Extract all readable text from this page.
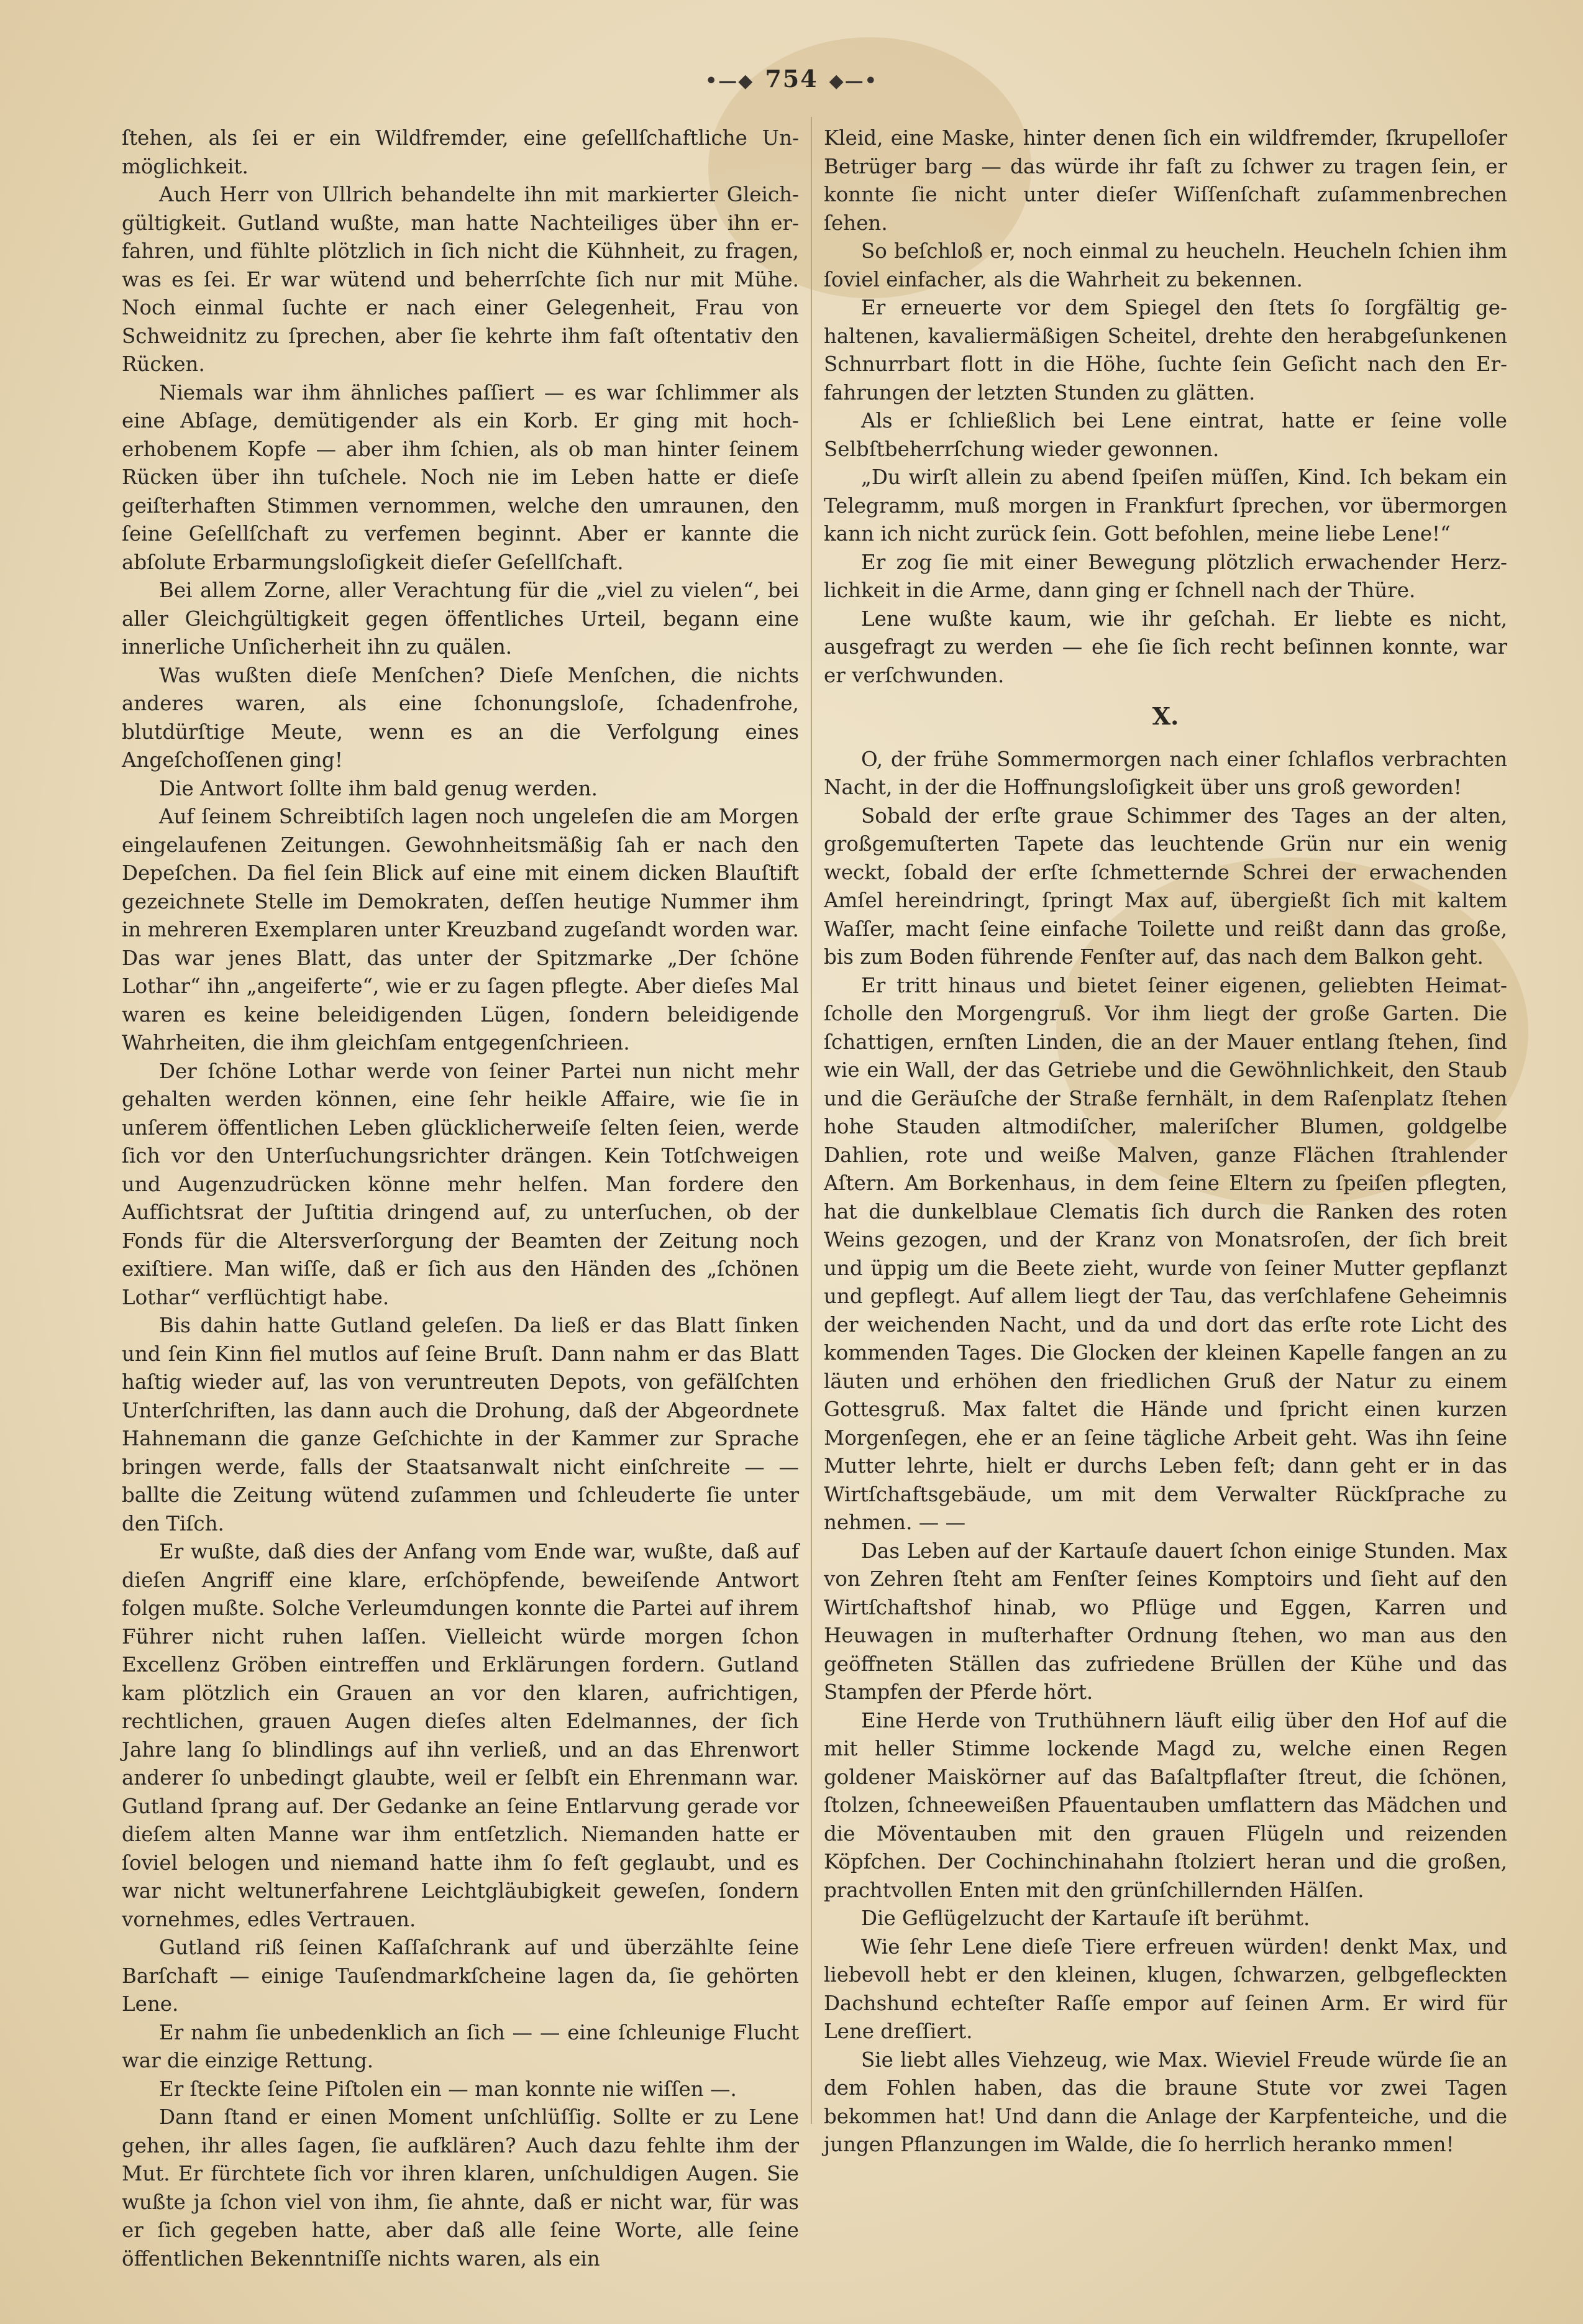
•—◆ 754 ◆—•

ſtehen, als ſei er ein Wildfremder, eine geſellſchaftliche Unmöglichkeit.

Auch Herr von Ullrich behandelte ihn mit markierter Gleichgültigkeit. Gutland wußte, man hatte Nachteiliges über ihn erfahren, und fühlte plötzlich in ſich nicht die Kühnheit, zu fragen, was es ſei. Er war wütend und beherrſchte ſich nur mit Mühe. Noch einmal ſuchte er nach einer Gelegenheit, Frau von Schweidnitz zu ſprechen, aber ſie kehrte ihm faſt oſtentativ den Rücken.

Niemals war ihm ähnliches paſſiert — es war ſchlimmer als eine Abſage, demütigender als ein Korb. Er ging mit hocherhobenem Kopfe — aber ihm ſchien, als ob man hinter ſeinem Rücken über ihn tuſchele. Noch nie im Leben hatte er dieſe geiſterhaften Stimmen vernommen, welche den umraunen, den ſeine Geſellſchaft zu verfemen beginnt. Aber er kannte die abſolute Erbarmungsloſigkeit dieſer Geſellſchaft.

Bei allem Zorne, aller Verachtung für die „viel zu vielen“, bei aller Gleichgültigkeit gegen öffentliches Urteil, begann eine innerliche Unſicherheit ihn zu quälen.

Was wußten dieſe Menſchen? Dieſe Menſchen, die nichts anderes waren, als eine ſchonungsloſe, ſchadenfrohe, blutdürſtige Meute, wenn es an die Verfolgung eines Angeſchoſſenen ging!

Die Antwort ſollte ihm bald genug werden.

Auf ſeinem Schreibtiſch lagen noch ungeleſen die am Morgen eingelaufenen Zeitungen. Gewohnheitsmäßig ſah er nach den Depeſchen. Da fiel ſein Blick auf eine mit einem dicken Blauſtift gezeichnete Stelle im Demokraten, deſſen heutige Nummer ihm in mehreren Exemplaren unter Kreuzband zugeſandt worden war. Das war jenes Blatt, das unter der Spitzmarke „Der ſchöne Lothar“ ihn „angeiferte“, wie er zu ſagen pflegte. Aber dieſes Mal waren es keine beleidigenden Lügen, ſondern beleidigende Wahrheiten, die ihm gleichſam entgegenſchrieen.

Der ſchöne Lothar werde von ſeiner Partei nun nicht mehr gehalten werden können, eine ſehr heikle Affaire, wie ſie in unſerem öffentlichen Leben glücklicherweiſe ſelten ſeien, werde ſich vor den Unterſuchungsrichter drängen. Kein Totſchweigen und Augenzudrücken könne mehr helfen. Man fordere den Aufſichtsrat der Juſtitia dringend auf, zu unterſuchen, ob der Fonds für die Altersverſorgung der Beamten der Zeitung noch exiſtiere. Man wiſſe, daß er ſich aus den Händen des „ſchönen Lothar“ verflüchtigt habe.

Bis dahin hatte Gutland geleſen. Da ließ er das Blatt ſinken und ſein Kinn fiel mutlos auf ſeine Bruſt. Dann nahm er das Blatt haſtig wieder auf, las von veruntreuten Depots, von gefälſchten Unterſchriften, las dann auch die Drohung, daß der Abgeordnete Hahnemann die ganze Geſchichte in der Kammer zur Sprache bringen werde, falls der Staatsanwalt nicht einſchreite — — ballte die Zeitung wütend zuſammen und ſchleuderte ſie unter den Tiſch.

Er wußte, daß dies der Anfang vom Ende war, wußte, daß auf dieſen Angriff eine klare, erſchöpfende, beweiſende Antwort folgen mußte. Solche Verleumdungen konnte die Partei auf ihrem Führer nicht ruhen laſſen. Vielleicht würde morgen ſchon Excellenz Gröben eintreffen und Erklärungen fordern. Gutland kam plötzlich ein Grauen an vor den klaren, aufrichtigen, rechtlichen, grauen Augen dieſes alten Edelmannes, der ſich Jahre lang ſo blindlings auf ihn verließ, und an das Ehrenwort anderer ſo unbedingt glaubte, weil er ſelbſt ein Ehrenmann war. Gutland ſprang auf. Der Gedanke an ſeine Entlarvung gerade vor dieſem alten Manne war ihm entſetzlich. Niemanden hatte er ſoviel belogen und niemand hatte ihm ſo feſt geglaubt, und es war nicht weltunerfahrene Leichtgläubigkeit geweſen, ſondern vornehmes, edles Vertrauen.

Gutland riß ſeinen Kaſſaſchrank auf und überzählte ſeine Barſchaft — einige Tauſendmarkſcheine lagen da, ſie gehörten Lene.

Er nahm ſie unbedenklich an ſich — — eine ſchleunige Flucht war die einzige Rettung.

Er ſteckte ſeine Piſtolen ein — man konnte nie wiſſen —.

Dann ſtand er einen Moment unſchlüſſig. Sollte er zu Lene gehen, ihr alles ſagen, ſie aufklären? Auch dazu fehlte ihm der Mut. Er fürchtete ſich vor ihren klaren, unſchuldigen Augen. Sie wußte ja ſchon viel von ihm, ſie ahnte, daß er nicht war, für was er ſich gegeben hatte, aber daß alle ſeine Worte, alle ſeine öffentlichen Bekenntniſſe nichts waren, als ein

Kleid, eine Maske, hinter denen ſich ein wildfremder, ſkrupelloſer Betrüger barg — das würde ihr faſt zu ſchwer zu tragen ſein, er konnte ſie nicht unter dieſer Wiſſenſchaft zuſammenbrechen ſehen.

So beſchloß er, noch einmal zu heucheln. Heucheln ſchien ihm ſoviel einfacher, als die Wahrheit zu bekennen.

Er erneuerte vor dem Spiegel den ſtets ſo ſorgfältig gehaltenen, kavaliermäßigen Scheitel, drehte den herabgeſunkenen Schnurrbart flott in die Höhe, ſuchte ſein Geſicht nach den Erfahrungen der letzten Stunden zu glätten.

Als er ſchließlich bei Lene eintrat, hatte er ſeine volle Selbſtbeherrſchung wieder gewonnen.

„Du wirſt allein zu abend ſpeiſen müſſen, Kind. Ich bekam ein Telegramm, muß morgen in Frankfurt ſprechen, vor übermorgen kann ich nicht zurück ſein. Gott befohlen, meine liebe Lene!“

Er zog ſie mit einer Bewegung plötzlich erwachender Herzlichkeit in die Arme, dann ging er ſchnell nach der Thüre.

Lene wußte kaum, wie ihr geſchah. Er liebte es nicht, ausgefragt zu werden — ehe ſie ſich recht beſinnen konnte, war er verſchwunden.

X.

O, der frühe Sommermorgen nach einer ſchlaflos verbrachten Nacht, in der die Hoffnungsloſigkeit über uns groß geworden!

Sobald der erſte graue Schimmer des Tages an der alten, großgemuſterten Tapete das leuchtende Grün nur ein wenig weckt, ſobald der erſte ſchmetternde Schrei der erwachenden Amſel hereindringt, ſpringt Max auf, übergießt ſich mit kaltem Waſſer, macht ſeine einfache Toilette und reißt dann das große, bis zum Boden führende Fenſter auf, das nach dem Balkon geht.

Er tritt hinaus und bietet ſeiner eigenen, geliebten Heimatſcholle den Morgengruß. Vor ihm liegt der große Garten. Die ſchattigen, ernſten Linden, die an der Mauer entlang ſtehen, ſind wie ein Wall, der das Getriebe und die Gewöhnlichkeit, den Staub und die Geräuſche der Straße fernhält, in dem Raſenplatz ſtehen hohe Stauden altmodiſcher, maleriſcher Blumen, goldgelbe Dahlien, rote und weiße Malven, ganze Flächen ſtrahlender Aſtern. Am Borkenhaus, in dem ſeine Eltern zu ſpeiſen pflegten, hat die dunkelblaue Clematis ſich durch die Ranken des roten Weins gezogen, und der Kranz von Monatsroſen, der ſich breit und üppig um die Beete zieht, wurde von ſeiner Mutter gepflanzt und gepflegt. Auf allem liegt der Tau, das verſchlafene Geheimnis der weichenden Nacht, und da und dort das erſte rote Licht des kommenden Tages. Die Glocken der kleinen Kapelle fangen an zu läuten und erhöhen den friedlichen Gruß der Natur zu einem Gottesgruß. Max faltet die Hände und ſpricht einen kurzen Morgenſegen, ehe er an ſeine tägliche Arbeit geht. Was ihn ſeine Mutter lehrte, hielt er durchs Leben feſt; dann geht er in das Wirtſchaftsgebäude, um mit dem Verwalter Rückſprache zu nehmen. — —

Das Leben auf der Kartauſe dauert ſchon einige Stunden. Max von Zehren ſteht am Fenſter ſeines Komptoirs und ſieht auf den Wirtſchaftshof hinab, wo Pflüge und Eggen, Karren und Heuwagen in muſterhafter Ordnung ſtehen, wo man aus den geöffneten Ställen das zufriedene Brüllen der Kühe und das Stampfen der Pferde hört.

Eine Herde von Truthühnern läuft eilig über den Hof auf die mit heller Stimme lockende Magd zu, welche einen Regen goldener Maiskörner auf das Baſaltpflaſter ſtreut, die ſchönen, ſtolzen, ſchneeweißen Pfauentauben umflattern das Mädchen und die Möventauben mit den grauen Flügeln und reizenden Köpfchen. Der Cochinchinahahn ſtolziert heran und die großen, prachtvollen Enten mit den grünſchillernden Hälſen.

Die Geflügelzucht der Kartauſe iſt berühmt.

Wie ſehr Lene dieſe Tiere erfreuen würden! denkt Max, und liebevoll hebt er den kleinen, klugen, ſchwarzen, gelbgefleckten Dachshund echteſter Raſſe empor auf ſeinen Arm. Er wird für Lene dreſſiert.

Sie liebt alles Viehzeug, wie Max. Wieviel Freude würde ſie an dem Fohlen haben, das die braune Stute vor zwei Tagen bekommen hat! Und dann die Anlage der Karpfenteiche, und die jungen Pflanzungen im Walde, die ſo herrlich heranko mmen!
